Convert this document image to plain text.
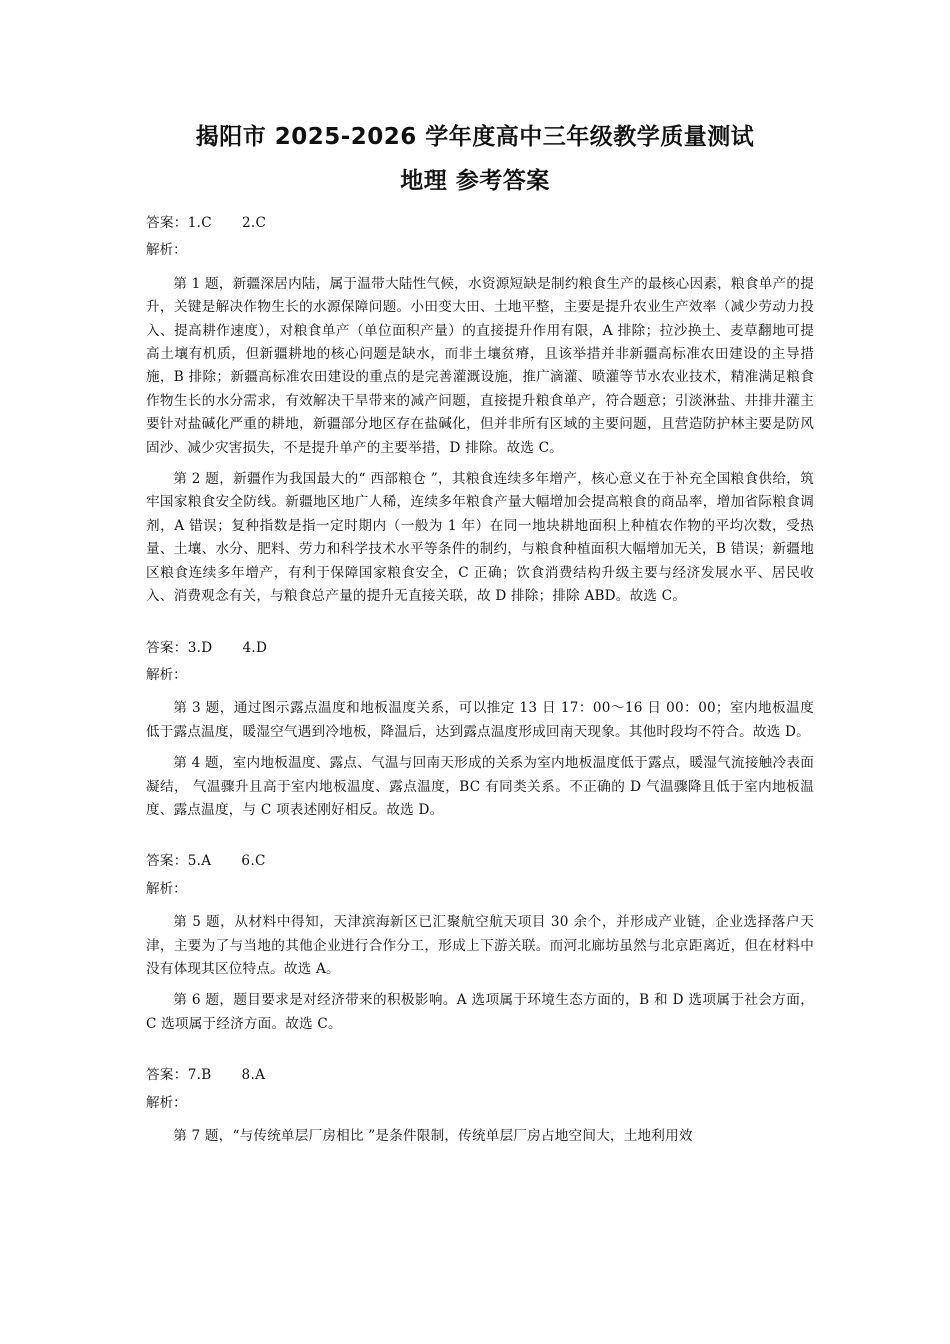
揭阳市 2025-2026 学年度高中三年级教学质量测试
地理 参考答案

答案：1.C 2.C

解析：

第 1 题，新疆深居内陆，属于温带大陆性气候，水资源短缺是制约粮食生产的最核心因素，粮食单产的提升，关键是解决作物生长的水源保障问题。小田变大田、土地平整，主要是提升农业生产效率（减少劳动力投入、提高耕作速度），对粮食单产（单位面积产量）的直接提升作用有限，A 排除；拉沙换土、麦草翻地可提高土壤有机质，但新疆耕地的核心问题是缺水，而非土壤贫瘠，且该举措并非新疆高标准农田建设的主导措施，B 排除；新疆高标准农田建设的重点的是完善灌溉设施，推广滴灌、喷灌等节水农业技术，精准满足粮食作物生长的水分需求，有效解决干旱带来的减产问题，直接提升粮食单产，符合题意；引淡淋盐、井排井灌主要针对盐碱化严重的耕地，新疆部分地区存在盐碱化，但并非所有区域的主要问题，且营造防护林主要是防风固沙、减少灾害损失，不是提升单产的主要举措，D 排除。故选 C。

第 2 题，新疆作为我国最大的“ 西部粮仓 ”，其粮食连续多年增产，核心意义在于补充全国粮食供给，筑牢国家粮食安全防线。新疆地区地广人稀，连续多年粮食产量大幅增加会提高粮食的商品率，增加省际粮食调剂，A 错误；复种指数是指一定时期内（一般为 1 年）在同一地块耕地面积上种植农作物的平均次数，受热量、土壤、水分、肥料、劳力和科学技术水平等条件的制约，与粮食种植面积大幅增加无关，B 错误；新疆地区粮食连续多年增产，有利于保障国家粮食安全，C 正确；饮食消费结构升级主要与经济发展水平、居民收入、消费观念有关，与粮食总产量的提升无直接关联，故 D 排除；排除 ABD。故选 C。

答案：3.D 4.D

解析：

第 3 题，通过图示露点温度和地板温度关系，可以推定 13 日 17：00～16 日 00：00；室内地板温度低于露点温度，暖湿空气遇到冷地板，降温后，达到露点温度形成回南天现象。其他时段均不符合。故选 D。

第 4 题，室内地板温度、露点、气温与回南天形成的关系为室内地板温度低于露点，暖湿气流接触冷表面凝结， 气温骤升且高于室内地板温度、露点温度，BC 有同类关系。不正确的 D 气温骤降且低于室内地板温度、露点温度，与 C 项表述刚好相反。故选 D。

答案：5.A 6.C

解析：

第 5 题，从材料中得知，天津滨海新区已汇聚航空航天项目 30 余个，并形成产业链，企业选择落户天津，主要为了与当地的其他企业进行合作分工，形成上下游关联。而河北廊坊虽然与北京距离近，但在材料中没有体现其区位特点。故选 A。

第 6 题，题目要求是对经济带来的积极影响。A 选项属于环境生态方面的，B 和 D 选项属于社会方面，C 选项属于经济方面。故选 C。

答案：7.B 8.A

解析：

第 7 题，“与传统单层厂房相比 ”是条件限制，传统单层厂房占地空间大，土地利用效
